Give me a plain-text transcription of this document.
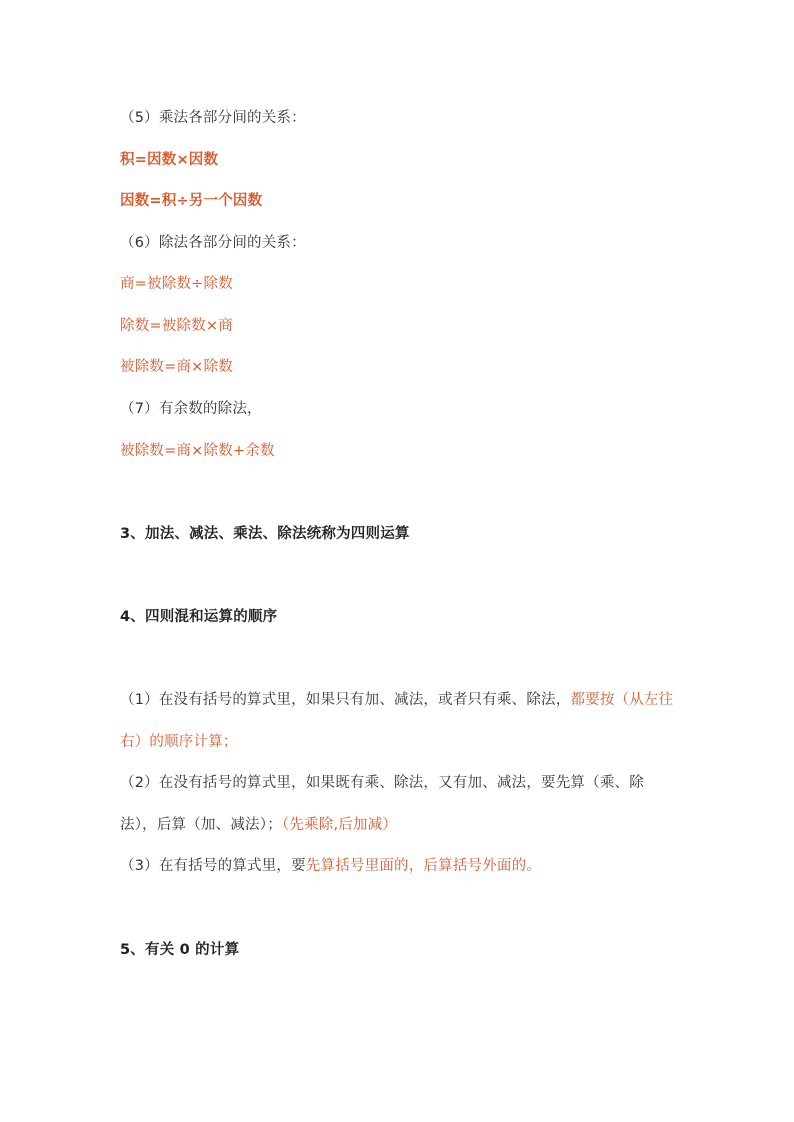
（5）乘法各部分间的关系：
积=因数×因数
因数=积÷另一个因数
（6）除法各部分间的关系：
商=被除数÷除数
除数=被除数×商
被除数=商×除数
（7）有余数的除法，
被除数=商×除数+余数
3、加法、减法、乘法、除法统称为四则运算
4、四则混和运算的顺序
（1）在没有括号的算式里，如果只有加、减法，或者只有乘、除法，都要按（从左往
右）的顺序计算；
（2）在没有括号的算式里，如果既有乘、除法，又有加、减法，要先算（乘、除
法），后算（加、减法）；（先乘除,后加减）
（3）在有括号的算式里，要先算括号里面的，后算括号外面的。
5、有关 0 的计算
